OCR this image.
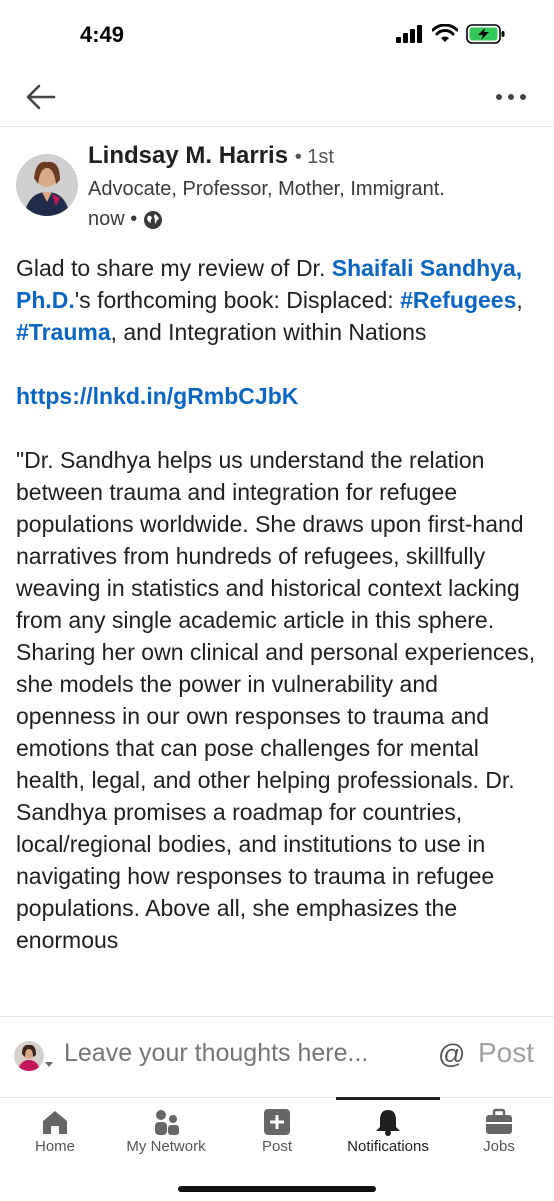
4:49
Lindsay M. Harris • 1st
Advocate, Professor, Mother, Immigrant.
now •

Glad to share my review of Dr. Shaifali Sandhya, Ph.D.'s forthcoming book: Displaced: #Refugees, #Trauma, and Integration within Nations

https://lnkd.in/gRmbCJbK

"Dr. Sandhya helps us understand the relation between trauma and integration for refugee populations worldwide. She draws upon first-hand narratives from hundreds of refugees, skillfully weaving in statistics and historical context lacking from any single academic article in this sphere. Sharing her own clinical and personal experiences, she models the power in vulnerability and openness in our own responses to trauma and emotions that can pose challenges for mental health, legal, and other helping professionals. Dr. Sandhya promises a roadmap for countries, local/regional bodies, and institutions to use in navigating how responses to trauma in refugee populations. Above all, she emphasizes the enormous

Leave your thoughts here...
@ Post
Home	My Network	Post	Notifications	Jobs
